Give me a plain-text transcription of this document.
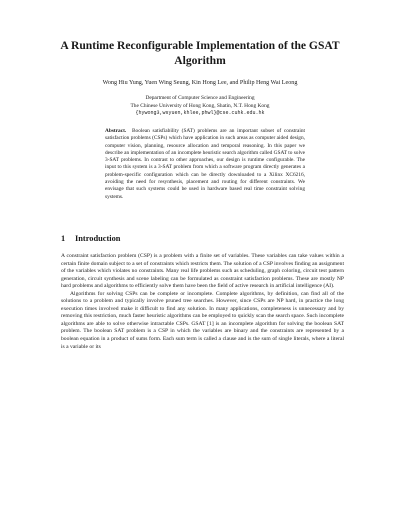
A Runtime Reconfigurable Implementation of the GSAT Algorithm
Wong Hiu Yung, Yuen Wing Seung, Kin Hong Lee, and Philip Heng Wai Leong
Department of Computer Science and Engineering
The Chinese University of Hong Kong, Shatin, N.T. Hong Kong
{hywong3,wsyuen,khlee,phwl}@cse.cuhk.edu.hk

Abstract. Boolean satisfiability (SAT) problems are an important subset of constraint satisfaction problems (CSPs) which have application in such areas as computer aided design, computer vision, planning, resource allocation and temporal reasoning. In this paper we describe an implementation of an incomplete heuristic search algorithm called GSAT to solve 3-SAT problems. In contrast to other approaches, our design is runtime configurable. The input to this system is a 3-SAT problem from which a software program directly generates a problem-specific configuration which can be directly downloaded to a Xilinx XC6216, avoiding the need for resynthesis, placement and routing for different constraints. We envisage that such systems could be used in hardware based real time constraint solving systems.

1 Introduction

A constraint satisfaction problem (CSP) is a problem with a finite set of variables. These variables can take values within a certain finite domain subject to a set of constraints which restricts them. The solution of a CSP involves finding an assignment of the variables which violates no constraints. Many real life problems such as scheduling, graph coloring, circuit test pattern generation, circuit synthesis and scene labeling can be formulated as constraint satisfaction problems. These are mostly NP hard problems and algorithms to efficiently solve them have been the field of active research in artificial intelligence (AI).

Algorithms for solving CSPs can be complete or incomplete. Complete algorithms, by definition, can find all of the solutions to a problem and typically involve pruned tree searches. However, since CSPs are NP hard, in practice the long execution times involved make it difficult to find any solution. In many applications, completeness is unnecessary and by removing this restriction, much faster heuristic algorithms can be employed to quickly scan the search space. Such incomplete algorithms are able to solve otherwise intractable CSPs. GSAT [1] is an incomplete algorithm for solving the boolean SAT problem. The boolean SAT problem is a CSP in which the variables are binary and the constraints are represented by a boolean equation in a product of sums form. Each sum term is called a clause and is the sum of single literals, where a literal is a variable or its
